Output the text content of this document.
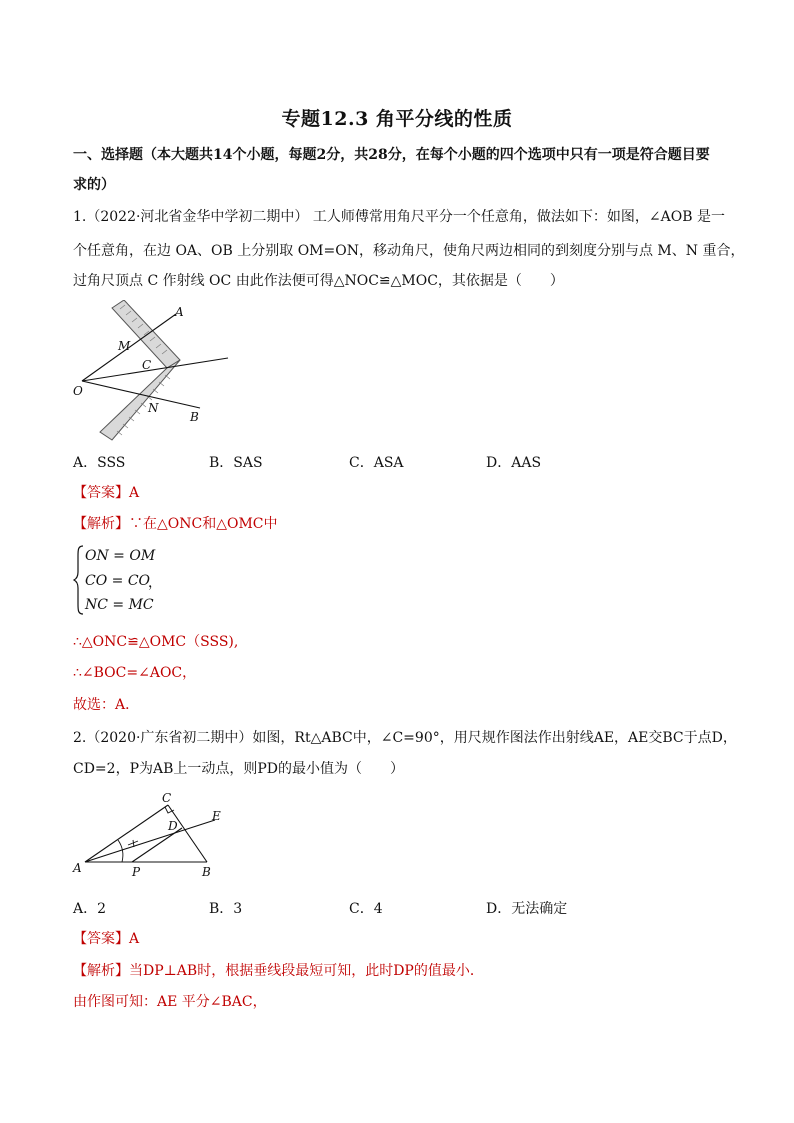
专题12.3 角平分线的性质
一、选择题（本大题共14个小题，每题2分，共28分，在每个小题的四个选项中只有一项是符合题目要
求的）
1.（2022·河北省金华中学初二期中） 工人师傅常用角尺平分一个任意角，做法如下：如图，∠AOB 是一
个任意角，在边 OA、OB 上分别取 OM=ON，移动角尺，使角尺两边相同的到刻度分别与点 M、N 重合，
过角尺顶点 C 作射线 OC 由此作法便可得△NOC≌△MOC，其依据是（　　）
A
M
C
O
N
B
A．SSS	B．SAS	C．ASA	D．AAS
【答案】A
【解析】∵在△ONC和△OMC中
ON = OM
CO = CO
NC = MC
，
∴△ONC≌△OMC（SSS),
∴∠BOC=∠AOC，
故选：A．
2.（2020·广东省初二期中）如图，Rt△ABC中，∠C=90°，用尺规作图法作出射线AE，AE交BC于点D，
CD=2，P为AB上一动点，则PD的最小值为（　　）
C
D
E
A	P	B
A．2	B．3	C．4	D．无法确定
【答案】A
【解析】当DP⊥AB时，根据垂线段最短可知，此时DP的值最小．
由作图可知：AE 平分∠BAC，
